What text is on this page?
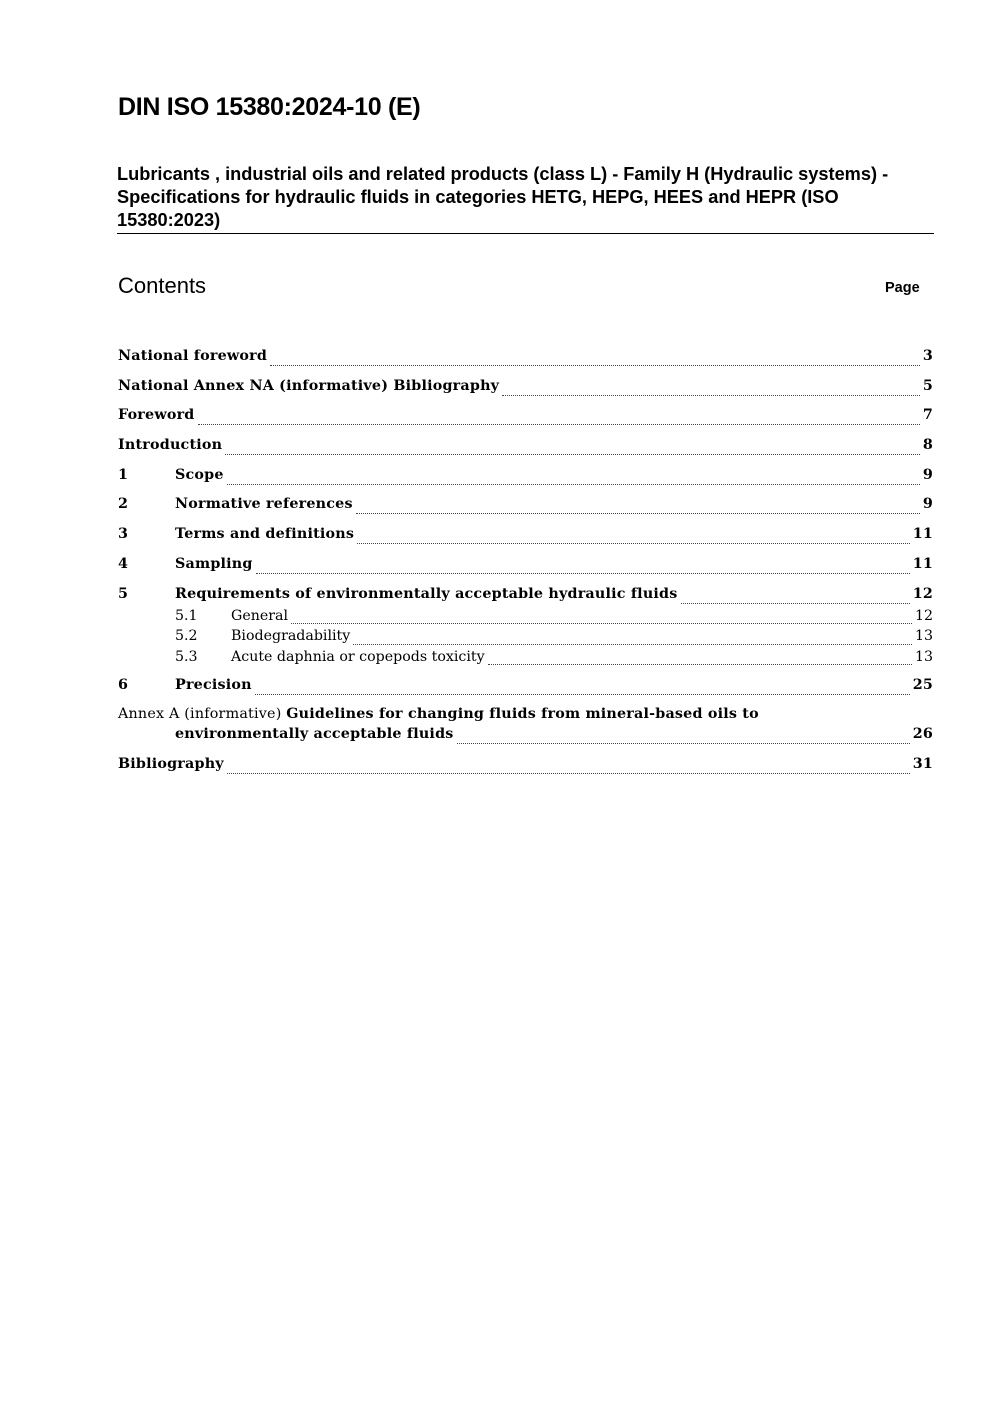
DIN ISO 15380:2024-10 (E)

Lubricants , industrial oils and related products (class L) - Family H (Hydraulic systems) - Specifications for hydraulic fluids in categories HETG, HEPG, HEES and HEPR (ISO 15380:2023)

Contents	Page
National foreword	3
National Annex NA (informative) Bibliography	5
Foreword	7
Introduction	8
1	Scope	9
2	Normative references	9
3	Terms and definitions	11
4	Sampling	11
5	Requirements of environmentally acceptable hydraulic fluids	12
5.1	General	12
5.2	Biodegradability	13
5.3	Acute daphnia or copepods toxicity	13
6	Precision	25
Annex A (informative) Guidelines for changing fluids from mineral-based oils to
environmentally acceptable fluids	26
Bibliography	31
